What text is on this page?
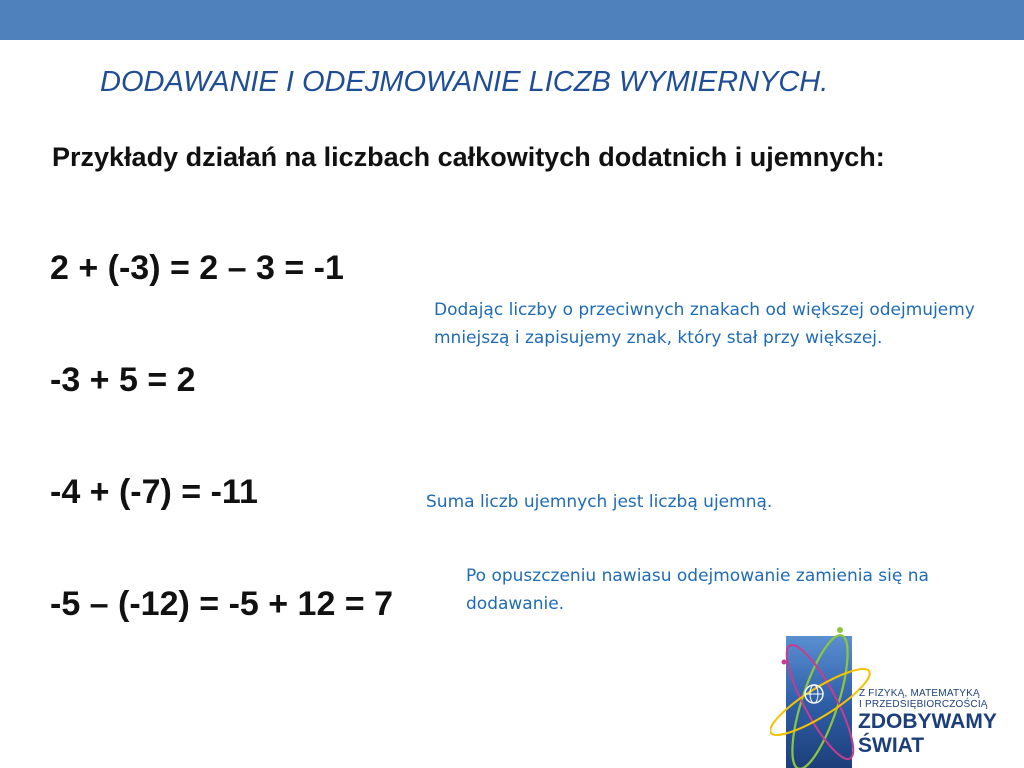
DODAWANIE I ODEJMOWANIE LICZB WYMIERNYCH.

Przykłady działań na liczbach całkowitych dodatnich i ujemnych:

2 + (-3) = 2 – 3 = -1

-3 + 5 = 2

-4 + (-7) = -11

-5 – (-12) = -5 + 12 = 7

Dodając liczby o przeciwnych znakach od większej odejmujemy mniejszą i zapisujemy znak, który stał przy większej.

Suma liczb ujemnych jest liczbą ujemną.

Po opuszczeniu nawiasu odejmowanie zamienia się na dodawanie.

Z FIZYKĄ, MATEMATYKĄ
I PRZEDSIĘBIORCZOŚCIĄ
ZDOBYWAMY
ŚWIAT
